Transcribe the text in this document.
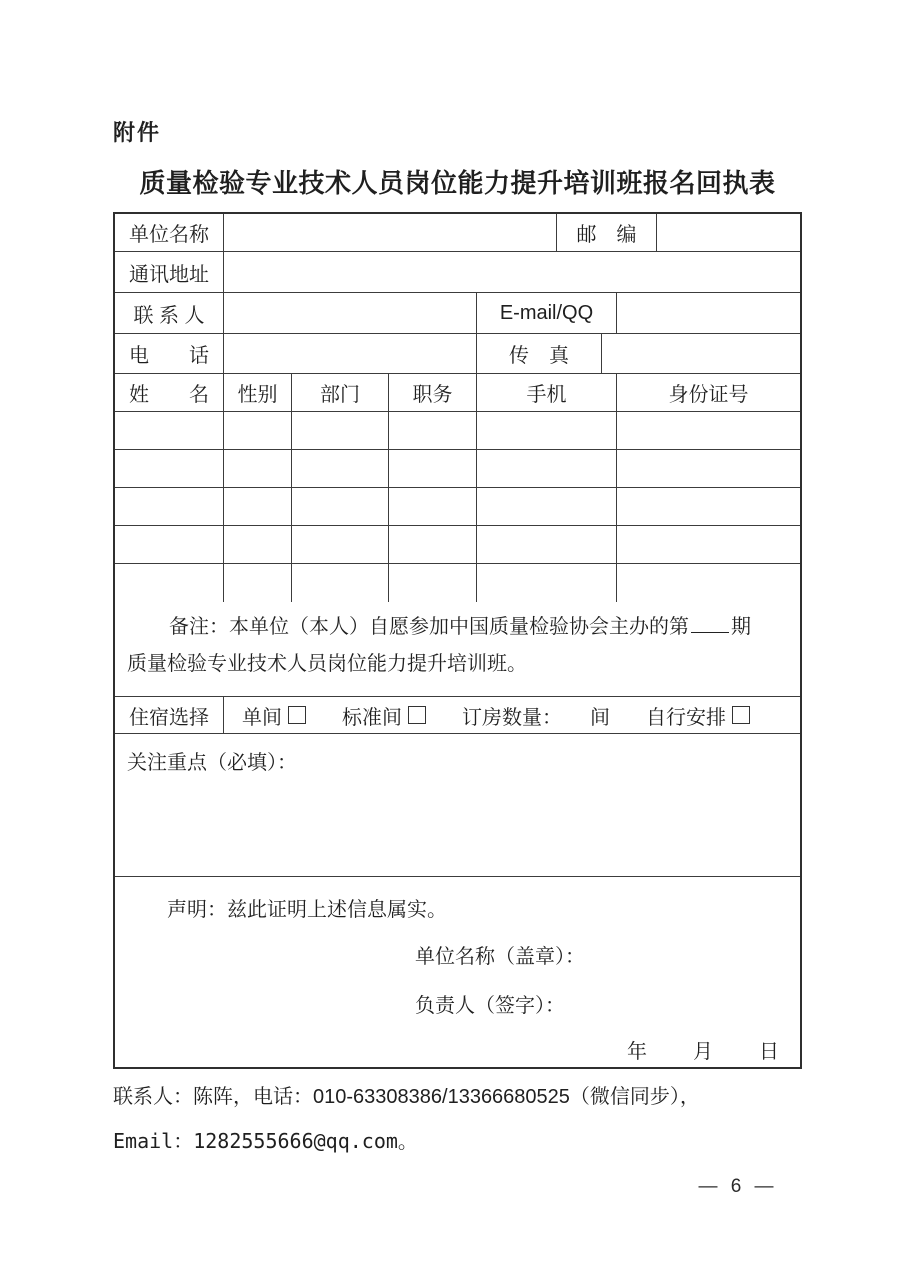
附件
质量检验专业技术人员岗位能力提升培训班报名回执表
单位名称	邮　编
通讯地址
联 系 人	E-mail/QQ
电　　话	传　真
姓　　名	性别	部门	职务	手机	身份证号
备注：本单位（本人）自愿参加中国质量检验协会主办的第 期
质量检验专业技术人员岗位能力提升培训班。
住宿选择	单间	标准间	订房数量： 间 自行安排
关注重点（必填）：
声明：兹此证明上述信息属实。
单位名称（盖章）：
负责人（签字）：
年　　月　　日
联系人：陈阵，电话：010-63308386/13366680525（微信同步），
Email：1282555666@qq.com。
— 6 —
